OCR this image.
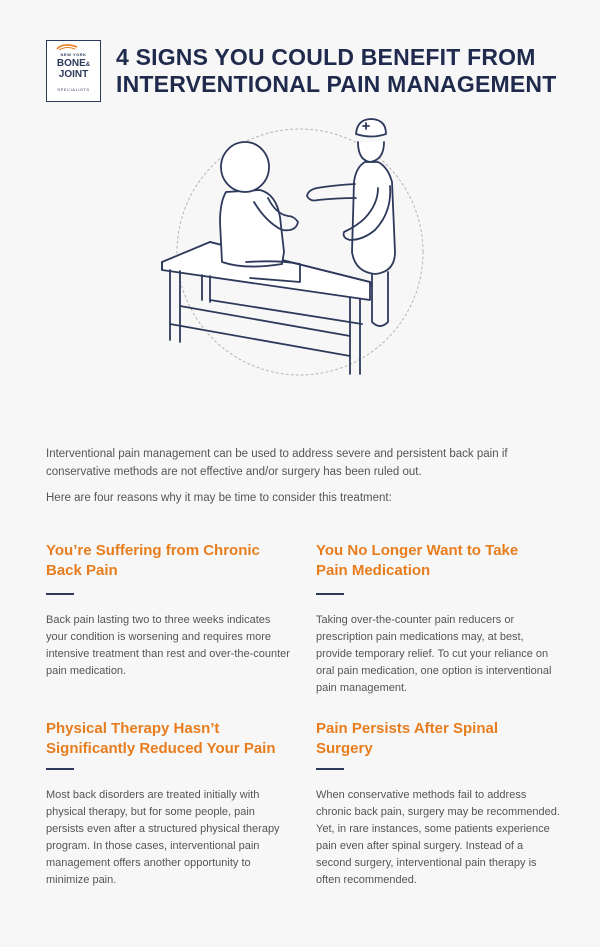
NEW YORK
BONE&
JOINT
SPECIALISTS
4 SIGNS YOU COULD BENEFIT FROM
INTERVENTIONAL PAIN MANAGEMENT

Interventional pain management can be used to address severe and persistent back pain if conservative methods are not effective and/or surgery has been ruled out.

Here are four reasons why it may be time to consider this treatment:

You’re Suffering from Chronic Back Pain

Back pain lasting two to three weeks indicates your condition is worsening and requires more intensive treatment than rest and over-the-counter pain medication.

You No Longer Want to Take Pain Medication

Taking over-the-counter pain reducers or prescription pain medications may, at best, provide temporary relief. To cut your reliance on oral pain medication, one option is interventional pain management.

Physical Therapy Hasn’t Significantly Reduced Your Pain

Most back disorders are treated initially with physical therapy, but for some people, pain persists even after a structured physical therapy program. In those cases, interventional pain management offers another opportunity to minimize pain.

Pain Persists After Spinal Surgery

When conservative methods fail to address chronic back pain, surgery may be recommended. Yet, in rare instances, some patients experience pain even after spinal surgery. Instead of a second surgery, interventional pain therapy is often recommended.
